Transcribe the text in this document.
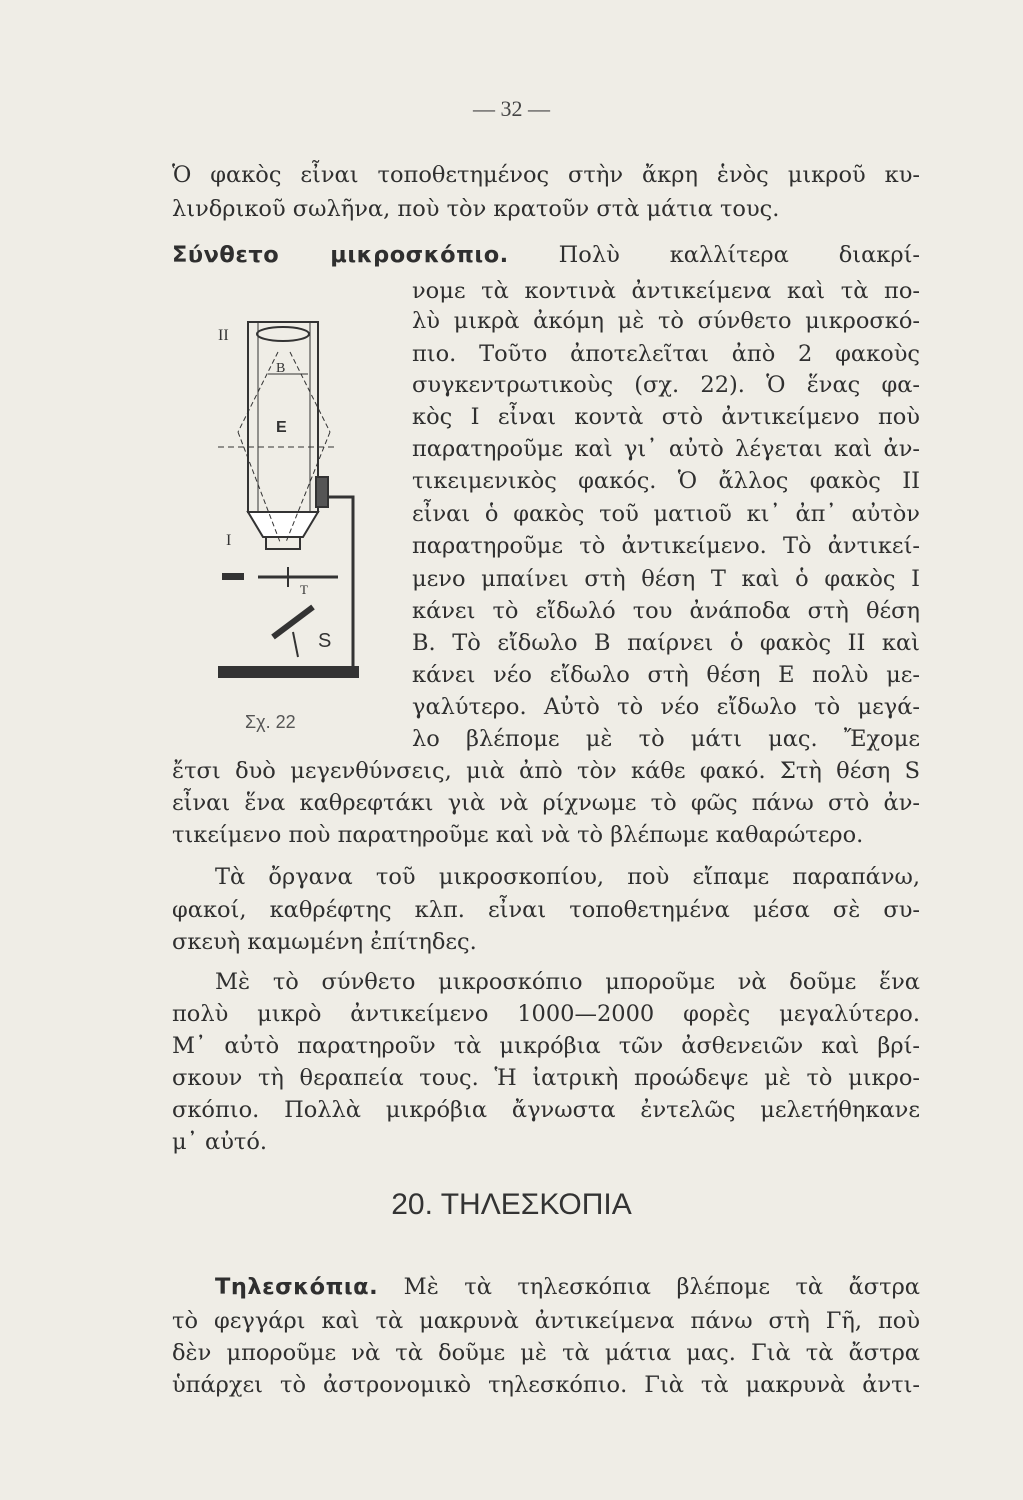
— 32 —
Ὁ φακὸς εἶναι τοποθετημένος στὴν ἄκρη ἑνὸς μικροῦ κυ-
λινδρικοῦ σωλῆνα, ποὺ τὸν κρατοῦν στὰ μάτια τους.
Σύνθετο μικροσκόπιο. Πολὺ καλλίτερα διακρί-
νομε τὰ κοντινὰ ἀντικείμενα καὶ τὰ πο-
λὺ μικρὰ ἀκόμη μὲ τὸ σύνθετο μικροσκό-
πιο. Τοῦτο ἀποτελεῖται ἀπὸ 2 φακοὺς
συγκεντρωτικοὺς (σχ. 22). Ὁ ἕνας φα-
κὸς I εἶναι κοντὰ στὸ ἀντικείμενο ποὺ
παρατηροῦμε καὶ γι᾽ αὐτὸ λέγεται καὶ ἀν-
τικειμενικὸς φακός. Ὁ ἄλλος φακὸς II
εἶναι ὁ φακὸς τοῦ ματιοῦ κι᾽ ἀπ᾽ αὐτὸν
παρατηροῦμε τὸ ἀντικείμενο. Τὸ ἀντικεί-
μενο μπαίνει στὴ θέση T καὶ ὁ φακὸς I
κάνει τὸ εἴδωλό του ἀνάποδα στὴ θέση
B. Τὸ εἴδωλο B παίρνει ὁ φακὸς II καὶ
κάνει νέο εἴδωλο στὴ θέση E πολὺ με-
γαλύτερο. Αὐτὸ τὸ νέο εἴδωλο τὸ μεγά-
λο βλέπομε μὲ τὸ μάτι μας. Ἔχομε
II
B
E
I
T
S
Σχ. 22
ἔτσι δυὸ μεγενθύνσεις, μιὰ ἀπὸ τὸν κάθε φακό. Στὴ θέση S
εἶναι ἕνα καθρεφτάκι γιὰ νὰ ρίχνωμε τὸ φῶς πάνω στὸ ἀν-
τικείμενο ποὺ παρατηροῦμε καὶ νὰ τὸ βλέπωμε καθαρώτερο.
Τὰ ὄργανα τοῦ μικροσκοπίου, ποὺ εἴπαμε παραπάνω,
φακοί, καθρέφτης κλπ. εἶναι τοποθετημένα μέσα σὲ συ-
σκευὴ καμωμένη ἐπίτηδες.
Μὲ τὸ σύνθετο μικροσκόπιο μποροῦμε νὰ δοῦμε ἕνα
πολὺ μικρὸ ἀντικείμενο 1000—2000 φορὲς μεγαλύτερο.
Μ᾽ αὐτὸ παρατηροῦν τὰ μικρόβια τῶν ἀσθενειῶν καὶ βρί-
σκουν τὴ θεραπεία τους. Ἡ ἰατρικὴ προώδεψε μὲ τὸ μικρο-
σκόπιο. Πολλὰ μικρόβια ἄγνωστα ἐντελῶς μελετήθηκανε
μ᾽ αὐτό.
20. ΤΗΛΕΣΚΟΠΙΑ
Τηλεσκόπια. Μὲ τὰ τηλεσκόπια βλέπομε τὰ ἄστρα
τὸ φεγγάρι καὶ τὰ μακρυνὰ ἀντικείμενα πάνω στὴ Γῆ, ποὺ
δὲν μποροῦμε νὰ τὰ δοῦμε μὲ τὰ μάτια μας. Γιὰ τὰ ἄστρα
ὑπάρχει τὸ ἀστρονομικὸ τηλεσκόπιο. Γιὰ τὰ μακρυνὰ ἀντι-
